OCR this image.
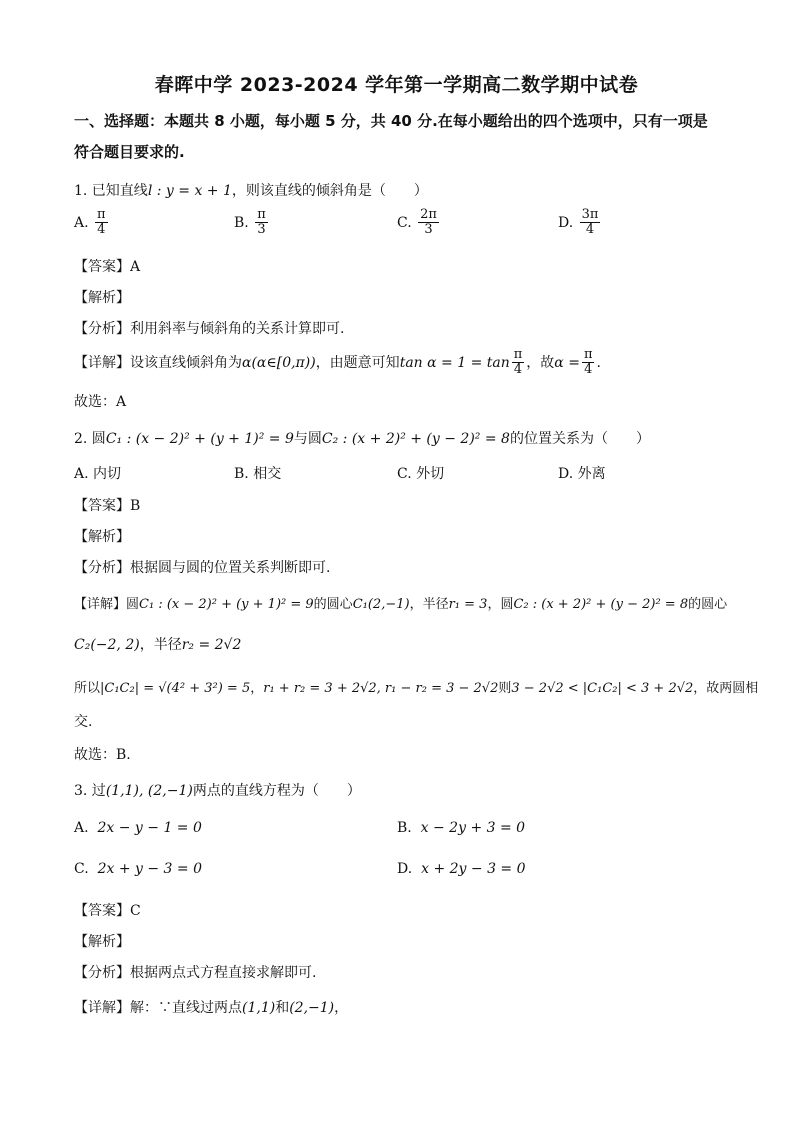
春晖中学 2023-2024 学年第一学期高二数学期中试卷
一、选择题：本题共 8 小题，每小题 5 分，共 40 分.在每小题给出的四个选项中，只有一项是
符合题目要求的.
1. 已知直线l : y = x + 1，则该直线的倾斜角是（　　）
A. $\frac{\pi}{4}$	B. $\frac{\pi}{3}$	C. $\frac{2\pi}{3}$	D. $\frac{3\pi}{4}$
【答案】A
【解析】
【分析】利用斜率与倾斜角的关系计算即可.
【详解】设该直线倾斜角为α(α∈[0,π))，由题意可知$\tan \alpha = 1 = \tan \frac{\pi}{4}$ ，故$\alpha = \frac{\pi}{4}$ .
故选：A
2. 圆C₁ : (x − 2)² + (y + 1)² = 9与圆C₂ : (x + 2)² + (y − 2)² = 8的位置关系为（　　）
A. 内切	B. 相交	C. 外切	D. 外离
【答案】B
【解析】
【分析】根据圆与圆的位置关系判断即可.
【详解】圆C₁ : (x − 2)² + (y + 1)² = 9的圆心C₁(2,−1)，半径r₁ = 3，圆C₂ : (x + 2)² + (y − 2)² = 8的圆心
C₂(−2, 2)，半径r₂ = 2√2
所以|C₁C₂| = √(4² + 3²) = 5，r₁ + r₂ = 3 + 2√2, r₁ − r₂ = 3 − 2√2则3 − 2√2 < |C₁C₂| < 3 + 2√2，故两圆相
交.
故选：B.
3. 过(1,1), (2,−1)两点的直线方程为（　　）
A. 2x − y − 1 = 0	B. x − 2y + 3 = 0
C. 2x + y − 3 = 0	D. x + 2y − 3 = 0
【答案】C
【解析】
【分析】根据两点式方程直接求解即可.
【详解】解：∵直线过两点(1,1)和(2,−1)，
